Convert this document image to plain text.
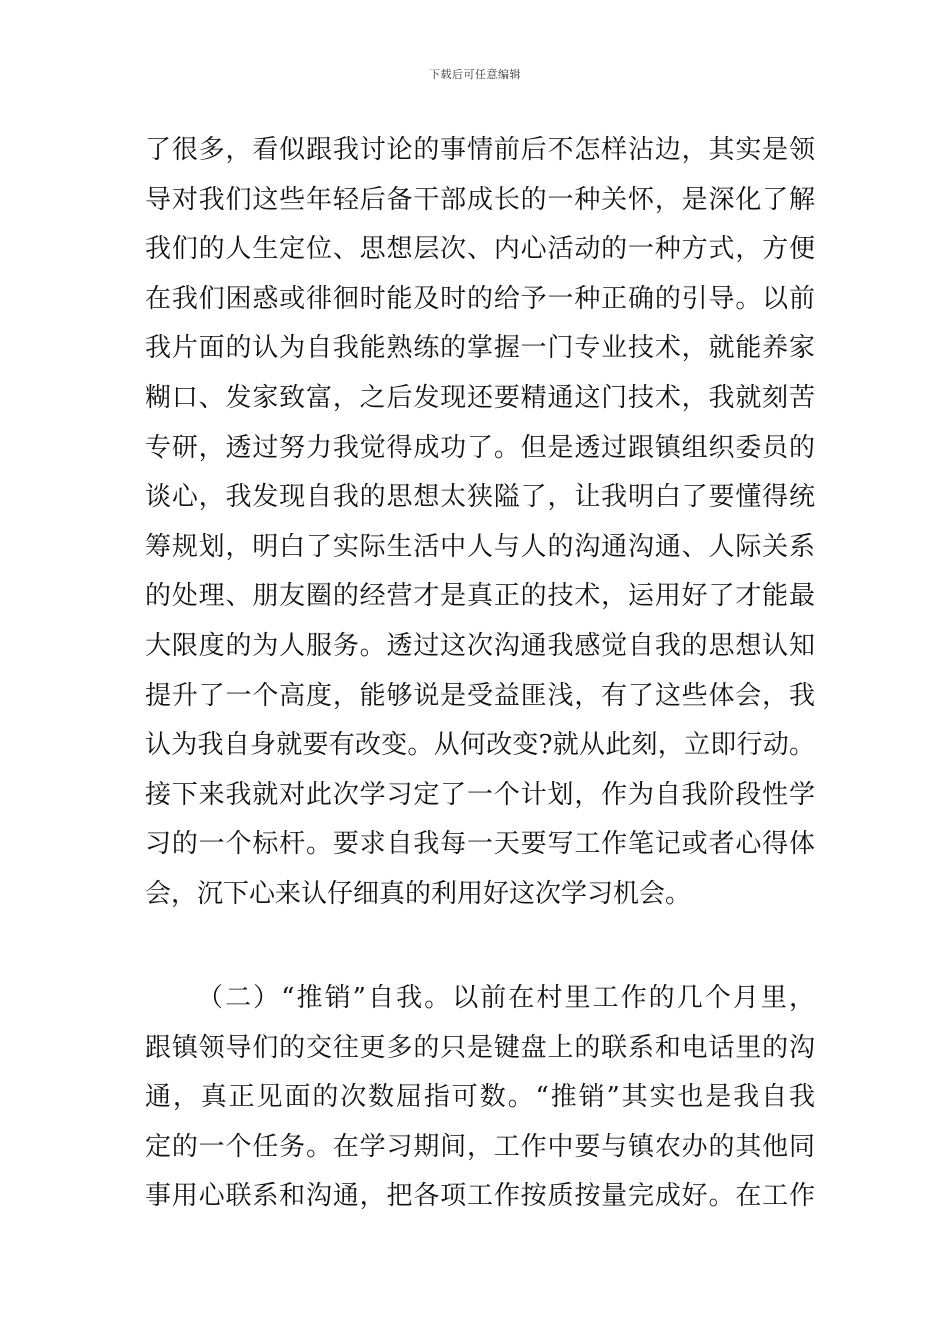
下载后可任意编辑
了很多，看似跟我讨论的事情前后不怎样沾边，其实是领
导对我们这些年轻后备干部成长的一种关怀，是深化了解
我们的人生定位、思想层次、内心活动的一种方式，方便
在我们困惑或徘徊时能及时的给予一种正确的引导。以前
我片面的认为自我能熟练的掌握一门专业技术，就能养家
糊口、发家致富，之后发现还要精通这门技术，我就刻苦
专研，透过努力我觉得成功了。但是透过跟镇组织委员的
谈心，我发现自我的思想太狭隘了，让我明白了要懂得统
筹规划，明白了实际生活中人与人的沟通沟通、人际关系
的处理、朋友圈的经营才是真正的技术，运用好了才能最
大限度的为人服务。透过这次沟通我感觉自我的思想认知
提升了一个高度，能够说是受益匪浅，有了这些体会，我
认为我自身就要有改变。从何改变?就从此刻，立即行动。
接下来我就对此次学习定了一个计划，作为自我阶段性学
习的一个标杆。要求自我每一天要写工作笔记或者心得体
会，沉下心来认仔细真的利用好这次学习机会。
（二）“推销”自我。以前在村里工作的几个月里，
跟镇领导们的交往更多的只是键盘上的联系和电话里的沟
通，真正见面的次数屈指可数。“推销”其实也是我自我
定的一个任务。在学习期间，工作中要与镇农办的其他同
事用心联系和沟通，把各项工作按质按量完成好。在工作
